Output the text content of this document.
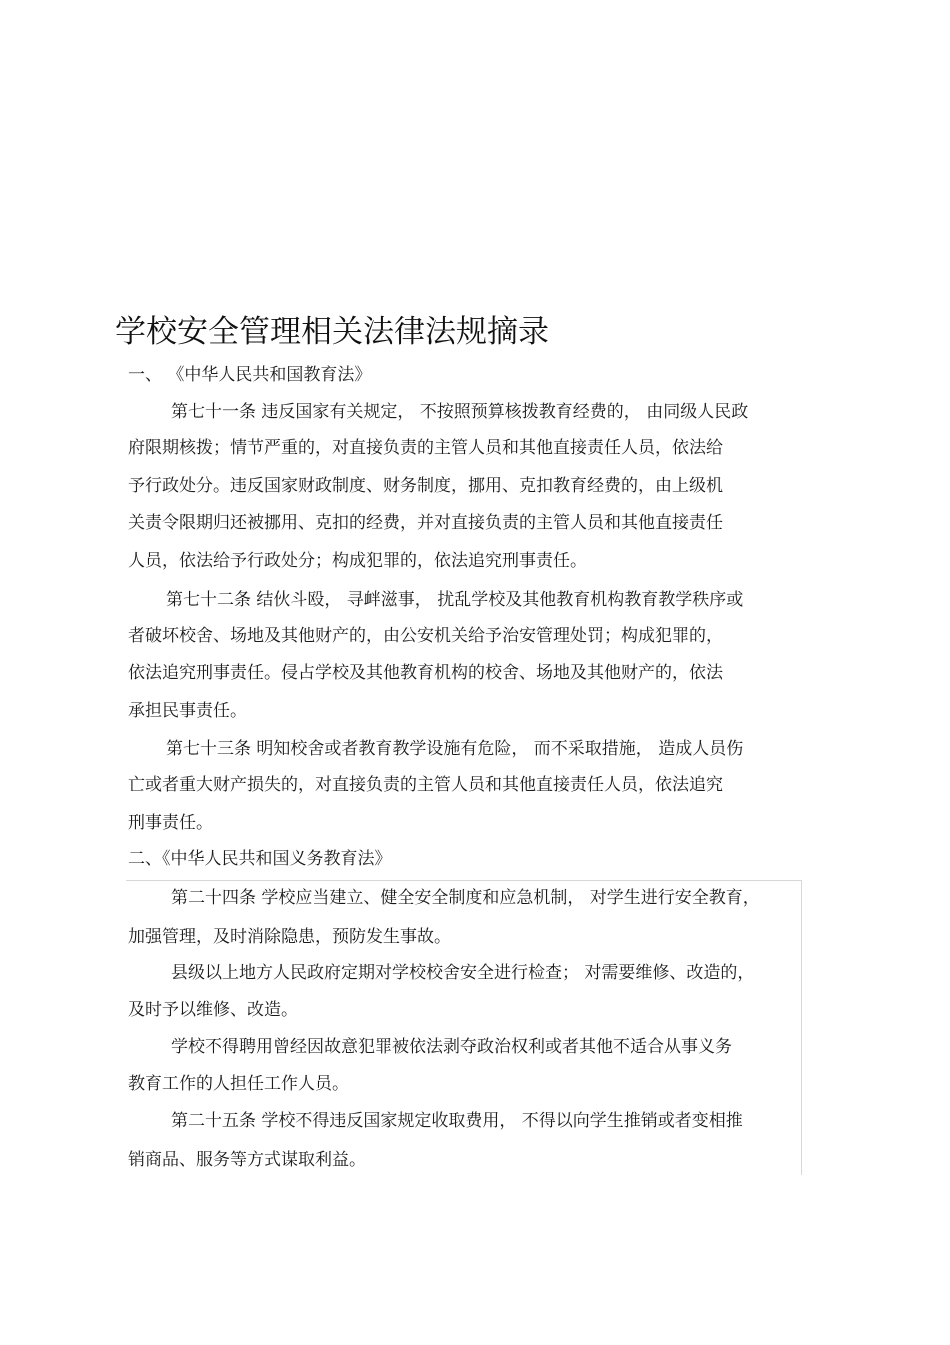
学校安全管理相关法律法规摘录
一、 《中华人民共和国教育法》
第七十一条 违反国家有关规定， 不按照预算核拨教育经费的， 由同级人民政
府限期核拨；情节严重的，对直接负责的主管人员和其他直接责任人员，依法给
予行政处分。违反国家财政制度、财务制度，挪用、克扣教育经费的，由上级机
关责令限期归还被挪用、克扣的经费，并对直接负责的主管人员和其他直接责任
人员，依法给予行政处分；构成犯罪的，依法追究刑事责任。
第七十二条 结伙斗殴， 寻衅滋事， 扰乱学校及其他教育机构教育教学秩序或
者破坏校舍、场地及其他财产的，由公安机关给予治安管理处罚；构成犯罪的，
依法追究刑事责任。侵占学校及其他教育机构的校舍、场地及其他财产的，依法
承担民事责任。
第七十三条 明知校舍或者教育教学设施有危险， 而不采取措施， 造成人员伤
亡或者重大财产损失的，对直接负责的主管人员和其他直接责任人员，依法追究
刑事责任。
二、《中华人民共和国义务教育法》
第二十四条 学校应当建立、健全安全制度和应急机制， 对学生进行安全教育，
加强管理，及时消除隐患，预防发生事故。
县级以上地方人民政府定期对学校校舍安全进行检查； 对需要维修、改造的，
及时予以维修、改造。
学校不得聘用曾经因故意犯罪被依法剥夺政治权利或者其他不适合从事义务
教育工作的人担任工作人员。
第二十五条 学校不得违反国家规定收取费用， 不得以向学生推销或者变相推
销商品、服务等方式谋取利益。
